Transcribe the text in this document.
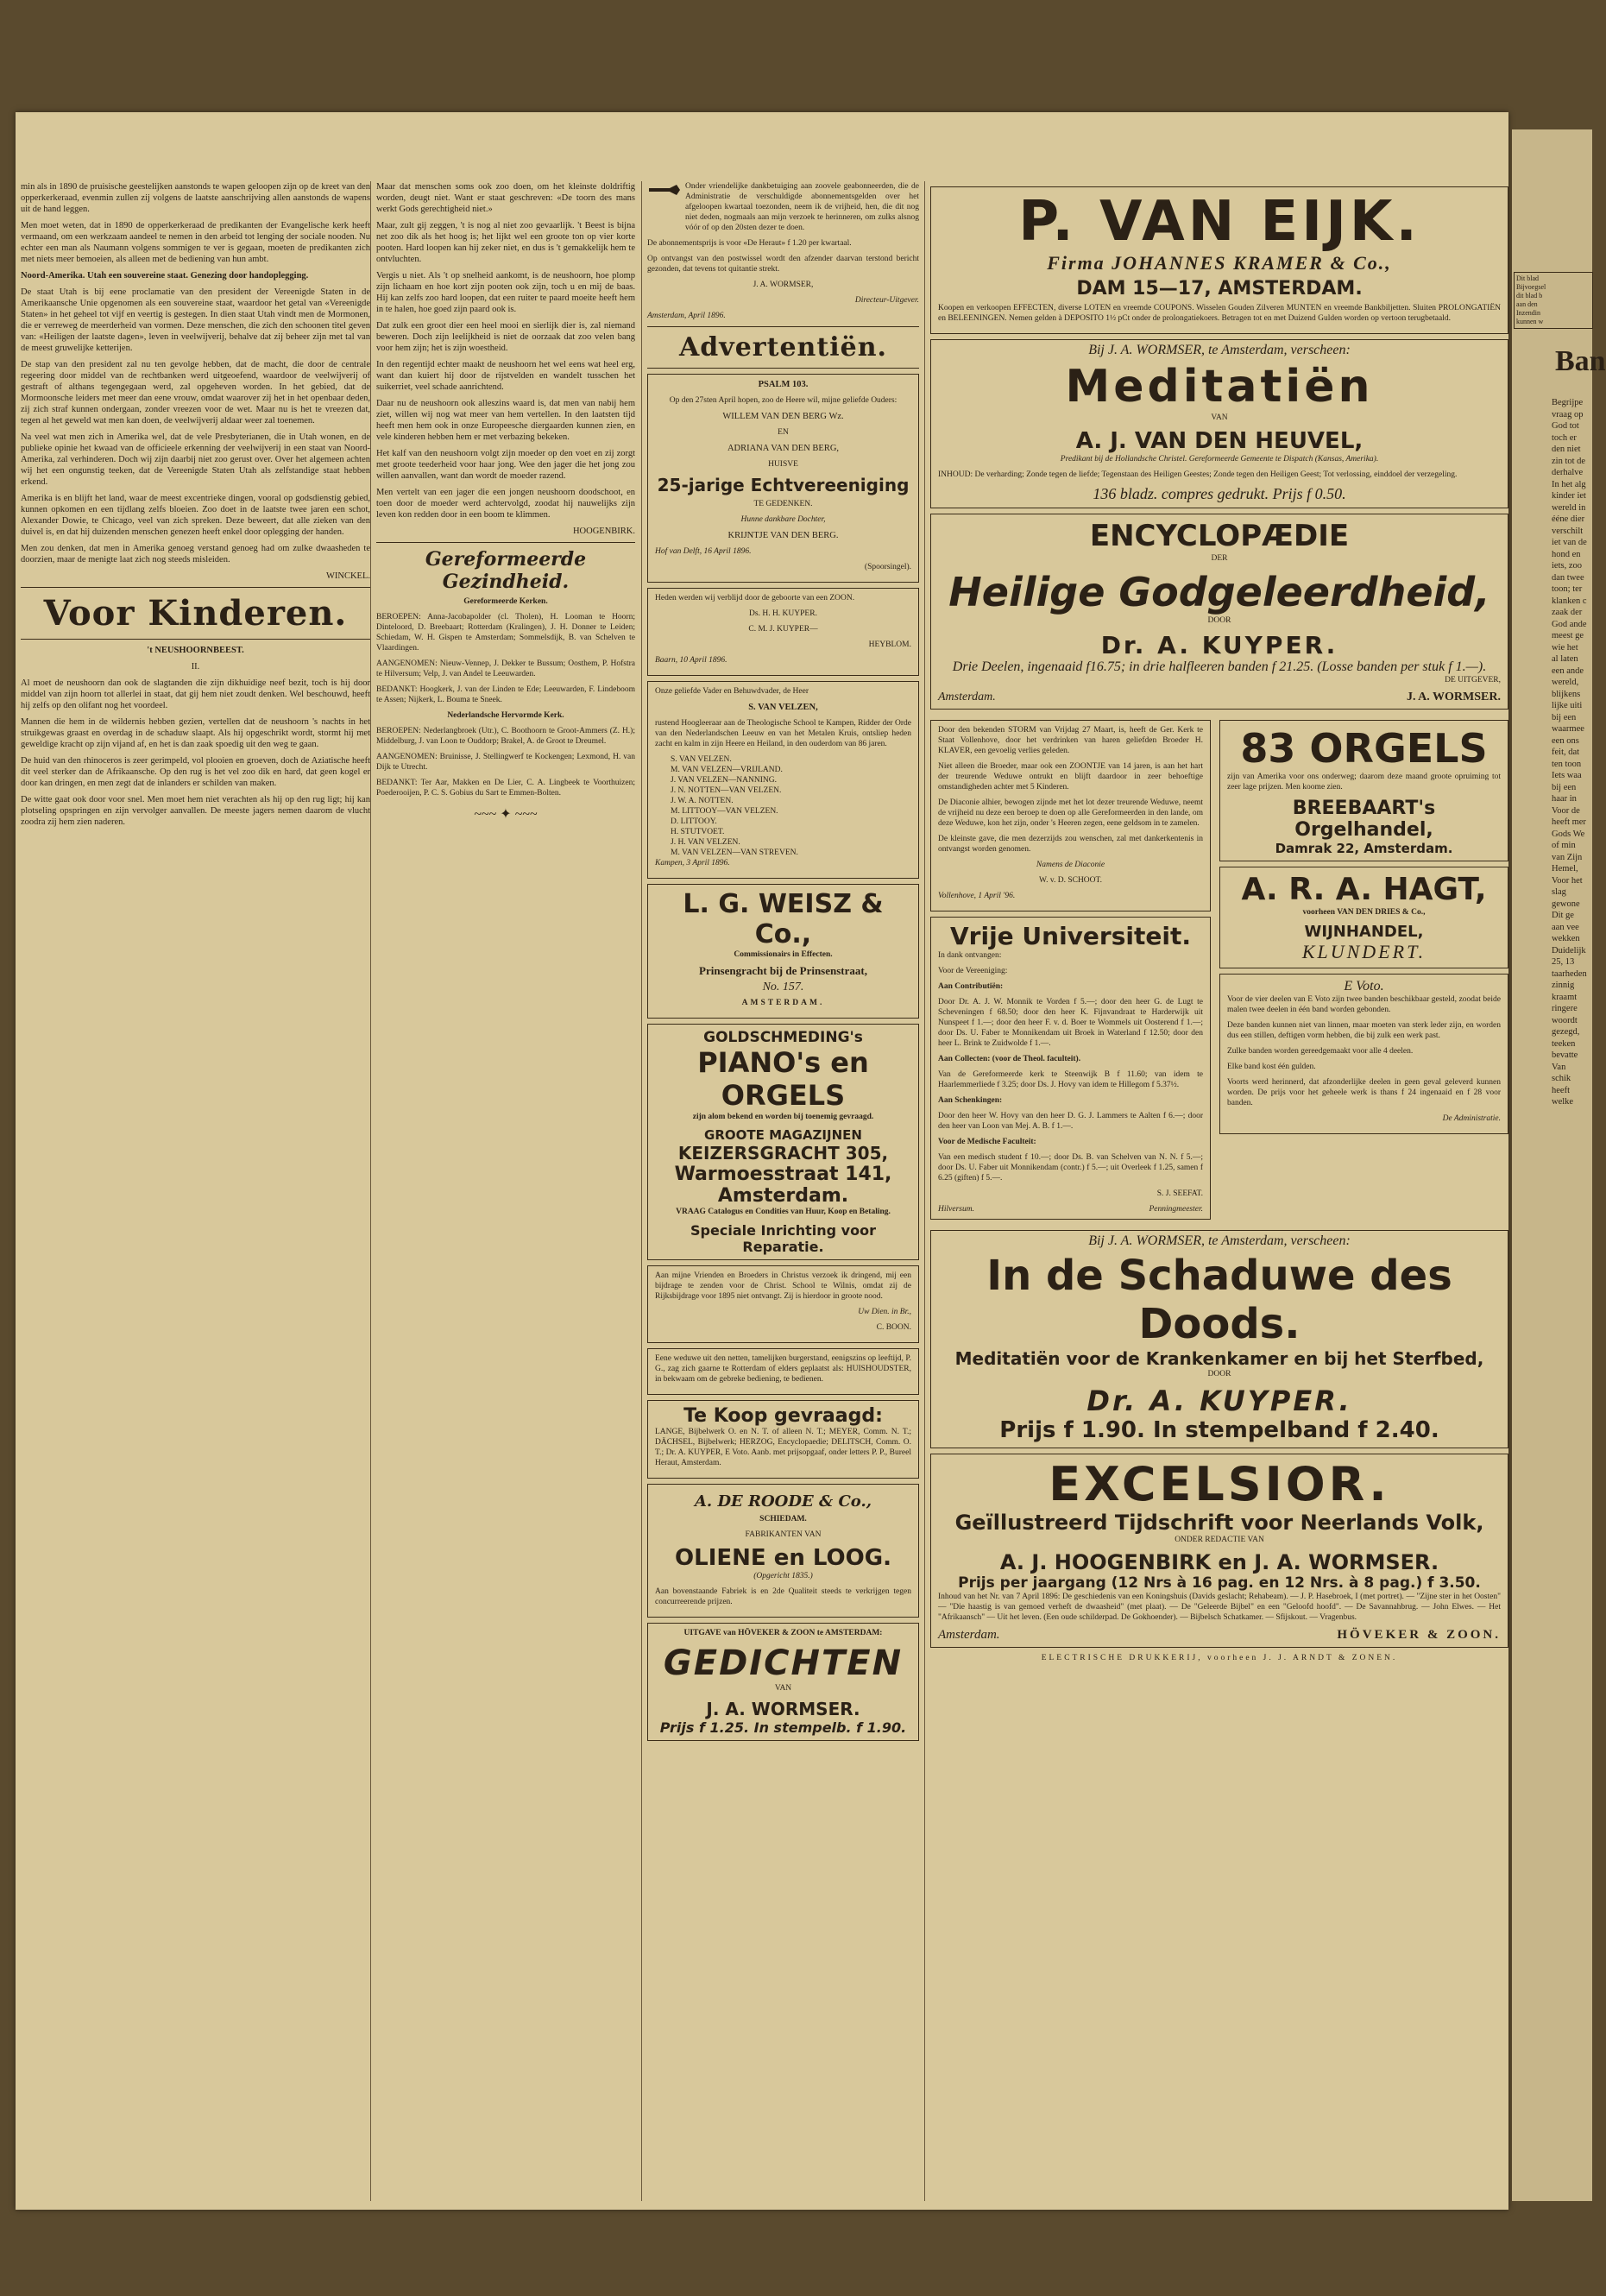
min als in 1890 de pruisische geestelijken aanstonds te wapen geloopen zijn op de kreet van den opperkerkeraad, evenmin zullen zij volgens de laatste aanschrijving allen aanstonds de wapens uit de hand leggen.

Men moet weten, dat in 1890 de opperkerkeraad de predikanten der Evangelische kerk heeft vermaand, om een werkzaam aandeel te nemen in den arbeid tot lenging der sociale nooden. Nu echter een man als Naumann volgens sommigen te ver is gegaan, moeten de predikanten zich met niets meer bemoeien, als alleen met de bediening van hun ambt.

Noord-Amerika. Utah een souvereine staat. Genezing door handoplegging.

De staat Utah is bij eene proclamatie van den president der Vereenigde Staten in de Amerikaansche Unie opgenomen als een souvereine staat, waardoor het getal van «Vereenigde Staten» in het geheel tot vijf en veertig is gestegen. In dien staat Utah vindt men de Mormonen, die er verreweg de meerderheid van vormen. Deze menschen, die zich den schoonen titel geven van: «Heiligen der laatste dagen», leven in veelwijverij, behalve dat zij beheer zijn met tal van de meest gruwelijke ketterijen.

De stap van den president zal nu ten gevolge hebben, dat de macht, die door de centrale regeering door middel van de rechtbanken werd uitgeoefend, waardoor de veelwijverij of gestraft of althans tegengegaan werd, zal opgeheven worden. In het gebied, dat de Mormoonsche leiders met meer dan eene vrouw, omdat waarover zij het in het openbaar deden, zij zich straf kunnen ondergaan, zonder vreezen voor de wet. Maar nu is het te vreezen dat, tegen al het geweld wat men kan doen, de veelwijverij aldaar weer zal toenemen.

Na veel wat men zich in Amerika wel, dat de vele Presbyterianen, die in Utah wonen, en de publieke opinie het kwaad van de officieele erkenning der veelwijverij in een staat van Noord-Amerika, zal verhinderen. Doch wij zijn daarbij niet zoo gerust over. Over het algemeen achten wij het een ongunstig teeken, dat de Vereenigde Staten Utah als zelfstandige staat hebben erkend.

Amerika is en blijft het land, waar de meest excentrieke dingen, vooral op godsdienstig gebied, kunnen opkomen en een tijdlang zelfs bloeien. Zoo doet in de laatste twee jaren een schot, Alexander Dowie, te Chicago, veel van zich spreken. Deze beweert, dat alle zieken van den duivel is, en dat hij duizenden menschen genezen heeft enkel door oplegging der handen.

Men zou denken, dat men in Amerika genoeg verstand genoeg had om zulke dwaasheden te doorzien, maar de menigte laat zich nog steeds misleiden.

WINCKEL.

Voor Kinderen.

't NEUSHOORNBEEST.

II.

Al moet de neushoorn dan ook de slagtanden die zijn dikhuidige neef bezit, toch is hij door middel van zijn hoorn tot allerlei in staat, dat gij hem niet zoudt denken. Wel beschouwd, heeft hij zelfs op den olifant nog het voordeel.

Mannen die hem in de wildernis hebben gezien, vertellen dat de neushoorn 's nachts in het struikgewas graast en overdag in de schaduw slaapt. Als hij opgeschrikt wordt, stormt hij met geweldige kracht op zijn vijand af, en het is dan zaak spoedig uit den weg te gaan.

De huid van den rhinoceros is zeer gerimpeld, vol plooien en groeven, doch de Aziatische heeft dit veel sterker dan de Afrikaansche. Op den rug is het vel zoo dik en hard, dat geen kogel er door kan dringen, en men zegt dat de inlanders er schilden van maken.

De witte gaat ook door voor snel. Men moet hem niet verachten als hij op den rug ligt; hij kan plotseling opspringen en zijn vervolger aanvallen. De meeste jagers nemen daarom de vlucht zoodra zij hem zien naderen.

Maar dat menschen soms ook zoo doen, om het kleinste doldriftig worden, deugt niet. Want er staat geschreven: «De toorn des mans werkt Gods gerechtigheid niet.»

Maar, zult gij zeggen, 't is nog al niet zoo gevaarlijk. 't Beest is bijna net zoo dik als het hoog is; het lijkt wel een groote ton op vier korte pooten. Hard loopen kan hij zeker niet, en dus is 't gemakkelijk hem te ontvluchten.

Vergis u niet. Als 't op snelheid aankomt, is de neushoorn, hoe plomp zijn lichaam en hoe kort zijn pooten ook zijn, toch u en mij de baas. Hij kan zelfs zoo hard loopen, dat een ruiter te paard moeite heeft hem in te halen, hoe goed zijn paard ook is.

Dat zulk een groot dier een heel mooi en sierlijk dier is, zal niemand beweren. Doch zijn leelijkheid is niet de oorzaak dat zoo velen bang voor hem zijn; het is zijn woestheid.

In den regentijd echter maakt de neushoorn het wel eens wat heel erg, want dan kuiert hij door de rijstvelden en wandelt tusschen het suikerriet, veel schade aanrichtend.

Daar nu de neushoorn ook alleszins waard is, dat men van nabij hem ziet, willen wij nog wat meer van hem vertellen. In den laatsten tijd heeft men hem ook in onze Europeesche diergaarden kunnen zien, en vele kinderen hebben hem er met verbazing bekeken.

Het kalf van den neushoorn volgt zijn moeder op den voet en zij zorgt met groote teederheid voor haar jong. Wee den jager die het jong zou willen aanvallen, want dan wordt de moeder razend.

Men vertelt van een jager die een jongen neushoorn doodschoot, en toen door de moeder werd achtervolgd, zoodat hij nauwelijks zijn leven kon redden door in een boom te klimmen.

HOOGENBIRK.

Gereformeerde Gezindheid.

Gereformeerde Kerken.

BEROEPEN: Anna-Jacobapolder (cl. Tholen), H. Looman te Hoorn; Dinteloord, D. Breebaart; Rotterdam (Kralingen), J. H. Donner te Leiden; Schiedam, W. H. Gispen te Amsterdam; Sommelsdijk, B. van Schelven te Vlaardingen.

AANGENOMEN: Nieuw-Vennep, J. Dekker te Bussum; Oosthem, P. Hofstra te Hilversum; Velp, J. van Andel te Leeuwarden.

BEDANKT: Hoogkerk, J. van der Linden te Ede; Leeuwarden, F. Lindeboom te Assen; Nijkerk, L. Bouma te Sneek.

Nederlandsche Hervormde Kerk.

BEROEPEN: Nederlangbroek (Utr.), C. Boothoorn te Groot-Ammers (Z. H.); Middelburg, J. van Loon te Ouddorp; Brakel, A. de Groot te Dreumel.

AANGENOMEN: Bruinisse, J. Stellingwerf te Kockengen; Lexmond, H. van Dijk te Utrecht.

BEDANKT: Ter Aar, Makken en De Lier, C. A. Lingbeek te Voorthuizen; Poederooijen, P. C. S. Gobius du Sart te Emmen-Bolten.

~~~ ✦ ~~~

Onder vriendelijke dankbetuiging aan zoovele geabonneerden, die de Administratie de verschuldigde abonnementsgelden over het afgeloopen kwartaal toezonden, neem ik de vrijheid, hen, die dit nog niet deden, nogmaals aan mijn verzoek te herinneren, om zulks alsnog vóór of op den 20sten dezer te doen.

De abonnementsprijs is voor «De Heraut» f 1.20 per kwartaal.

Op ontvangst van den postwissel wordt den afzender daarvan terstond bericht gezonden, dat tevens tot quitantie strekt.

J. A. WORMSER,

Directeur-Uitgever.

Amsterdam, April 1896.

Advertentiën.
PSALM 103.
Op den 27sten April hopen, zoo de Heere wil, mijne geliefde Ouders:
WILLEM VAN DEN BERG Wz.
EN
ADRIANA VAN DEN BERG,
HUISVE
25-jarige Echtvereeniging
TE GEDENKEN.
Hunne dankbare Dochter,
KRIJNTJE VAN DEN BERG.
Hof van Delft, 16 April 1896.
(Spoorsingel).

Heden werden wij verblijd door de geboorte van een ZOON.

Ds. H. H. KUYPER.

C. M. J. KUYPER—

HEYBLOM.

Baarn, 10 April 1896.

Onze geliefde Vader en Behuwdvader, de Heer

S. VAN VELZEN,

rustend Hoogleeraar aan de Theologische School te Kampen, Ridder der Orde van den Nederlandschen Leeuw en van het Metalen Kruis, ontsliep heden zacht en kalm in zijn Heere en Heiland, in den ouderdom van 86 jaren.

S. VAN VELZEN.
M. VAN VELZEN—VRIJLAND.
J. VAN VELZEN—NANNING.
J. N. NOTTEN—VAN VELZEN.
J. W. A. NOTTEN.
M. LITTOOY—VAN VELZEN.
D. LITTOOY.
H. STUTVOET.
J. H. VAN VELZEN.
M. VAN VELZEN—VAN STREVEN.

Kampen, 3 April 1896.

L. G. WEISZ & Co.,
Commissionairs in Effecten.
Prinsengracht bij de Prinsenstraat,
No. 157.
AMSTERDAM.
GOLDSCHMEDING's
PIANO's en ORGELS
zijn alom bekend en worden bij toenemig gevraagd.
GROOTE MAGAZIJNEN
KEIZERSGRACHT 305,
Warmoesstraat 141, Amsterdam.
VRAAG Catalogus en Condities van Huur, Koop en Betaling.
Speciale Inrichting voor Reparatie.

Aan mijne Vrienden en Broeders in Christus verzoek ik dringend, mij een bijdrage te zenden voor de Christ. School te Wilnis, omdat zij de Rijksbijdrage voor 1895 niet ontvangt. Zij is hierdoor in groote nood.

Uw Dien. in Br.,

C. BOON.

Eene weduwe uit den netten, tamelijken burgerstand, eenigszins op leeftijd, P. G., zag zich gaarne te Rotterdam of elders geplaatst als: HUISHOUDSTER, in bekwaam om de gebreke bediening, te bedienen.

Te Koop gevraagd:

LANGE, Bijbelwerk O. en N. T. of alleen N. T.; MEYER, Comm. N. T.; DÄCHSEL, Bijbelwerk; HERZOG, Encyclopaedie; DELITSCH, Comm. O. T.; Dr. A. KUYPER, E Voto. Aanb. met prijsopgaaf, onder letters P. P., Bureel Heraut, Amsterdam.

A. DE ROODE & Co.,
SCHIEDAM.
FABRIKANTEN VAN
OLIENE en LOOG.
(Opgericht 1835.)
Aan bovenstaande Fabriek is en 2de Qualiteit steeds te verkrijgen tegen concurreerende prijzen.
UITGAVE van HÖVEKER & ZOON te AMSTERDAM:
GEDICHTEN
VAN
J. A. WORMSER.
Prijs f 1.25. In stempelb. f 1.90.
P. VAN EIJK.
Firma JOHANNES KRAMER & Co.,
DAM 15—17, AMSTERDAM.

Koopen en verkoopen EFFECTEN, diverse LOTEN en vreemde COUPONS. Wisselen Gouden Zilveren MUNTEN en vreemde Bankbiljetten. Sluiten PROLONGATIËN en BELEENINGEN. Nemen gelden à DEPOSITO 1½ pCt onder de prolongatiekoers. Betragen tot en met Duizend Gulden worden op vertoon terugbetaald.

Bij J. A. WORMSER, te Amsterdam, verscheen:
Meditatiën
VAN
A. J. VAN DEN HEUVEL,
Predikant bij de Hollandsche Christel. Gereformeerde Gemeente te Dispatch (Kansas, Amerika).

INHOUD: De verharding; Zonde tegen de liefde; Tegenstaan des Heiligen Geestes; Zonde tegen den Heiligen Geest; Tot verlossing, einddoel der verzegeling.

136 bladz. compres gedrukt. Prijs f 0.50.
ENCYCLOPÆDIE
DER
Heilige Godgeleerdheid,
DOOR
Dr. A. KUYPER.
Drie Deelen, ingenaaid f16.75; in drie halfleeren banden f 21.25. (Losse banden per stuk f 1.—).
DE UITGEVER,
Amsterdam.	J. A. WORMSER.

Door den bekenden STORM van Vrijdag 27 Maart, is, heeft de Ger. Kerk te Staat Vollenhove, door het verdrinken van haren geliefden Broeder H. KLAVER, een gevoelig verlies geleden.

Niet alleen die Broeder, maar ook een ZOONTJE van 14 jaren, is aan het hart der treurende Weduwe ontrukt en blijft daardoor in zeer behoeftige omstandigheden achter met 5 Kinderen.

De Diaconie alhier, bewogen zijnde met het lot dezer treurende Weduwe, neemt de vrijheid nu deze een beroep te doen op alle Gereformeerden in den lande, om deze Weduwe, kon het zijn, onder 's Heeren zegen, eene geldsom in te zamelen.

De kleinste gave, die men dezerzijds zou wenschen, zal met dankerkentenis in ontvangst worden genomen.

Namens de Diaconie

W. v. D. SCHOOT.

Vollenhove, 1 April '96.

Vrije Universiteit.

In dank ontvangen:

Voor de Vereeniging:

Aan Contributiën:

Door Dr. A. J. W. Monnik te Vorden f 5.—; door den heer G. de Lugt te Scheveningen f 68.50; door den heer K. Fijnvandraat te Harderwijk uit Nunspeet f 1.—; door den heer F. v. d. Boer te Wommels uit Oosterend f 1.—; door Ds. U. Faber te Monnikendam uit Broek in Waterland f 12.50; door den heer L. Brink te Zuidwolde f 1.—.

Aan Collecten: (voor de Theol. faculteit).

Van de Gereformeerde kerk te Steenwijk B f 11.60; van idem te Haarlemmerliede f 3.25; door Ds. J. Hovy van idem te Hillegom f 5.37½.

Aan Schenkingen:

Door den heer W. Hovy van den heer D. G. J. Lammers te Aalten f 6.—; door den heer van Loon van Mej. A. B. f 1.—.

Voor de Medische Faculteit:

Van een medisch student f 10.—; door Ds. B. van Schelven van N. N. f 5.—; door Ds. U. Faber uit Monnikendam (contr.) f 5.—; uit Overleek f 1.25, samen f 6.25 (giften) f 5.—.

S. J. SEEFAT.

Hilversum.	Penningmeester.
83 ORGELS

zijn van Amerika voor ons onderweg; daarom deze maand groote opruiming tot zeer lage prijzen. Men koome zien.

BREEBAART's Orgelhandel,
Damrak 22, Amsterdam.
A. R. A. HAGT,
voorheen VAN DEN DRIES & Co.,
WIJNHANDEL,
KLUNDERT.
E Voto.

Voor de vier deelen van E Voto zijn twee banden beschikbaar gesteld, zoodat beide malen twee deelen in één band worden gebonden.

Deze banden kunnen niet van linnen, maar moeten van sterk leder zijn, en worden dus een stillen, deftigen vorm hebben, die bij zulk een werk past.

Zulke banden worden gereedgemaakt voor alle 4 deelen.

Elke band kost één gulden.

Voorts werd herinnerd, dat afzonderlijke deelen in geen geval geleverd kunnen worden. De prijs voor het geheele werk is thans f 24 ingenaaid en f 28 voor banden.

De Administratie.

Bij J. A. WORMSER, te Amsterdam, verscheen:
In de Schaduwe des Doods.
Meditatiën voor de Krankenkamer en bij het Sterfbed,
DOOR
Dr. A. KUYPER.
Prijs f 1.90. In stempelband f 2.40.
EXCELSIOR.
Geïllustreerd Tijdschrift voor Neerlands Volk,
ONDER REDACTIE VAN
A. J. HOOGENBIRK en J. A. WORMSER.
Prijs per jaargang (12 Nrs à 16 pag. en 12 Nrs. à 8 pag.) f 3.50.

Inhoud van het Nr. van 7 April 1896: De geschiedenis van een Koningshuis (Davids geslacht; Rehabeam). — J. P. Hasebroek, I (met portret). — "Zijne ster in het Oosten" — "Die haastig is van gemoed verheft de dwaasheid" (met plaat). — De "Geleerde Bijbel" en een "Geloofd hoofd". — De Savannahbrug. — John Elwes. — Het "Afrikaansch" — Uit het leven. (Een oude schilderpad. De Gokhoender). — Bijbelsch Schatkamer. — Sfijskout. — Vragenbus.

Amsterdam.	HÖVEKER & ZOON.

ELECTRISCHE DRUKKERIJ, voorheen J. J. ARNDT & ZONEN.

Dit blad
Bijvoegsel
dit blad b
aan den
Inzendin
kunnen w
Ban
Begrijpe
vraag op
God tot
toch er
den niet
zin tot de
derhalve
In het alg
kinder iet
wereld in
ééne dier
verschilt
iet van de
hond en
iets, zoo
dan twee
toon; ter
klanken c
zaak der
God ande
meest ge
wie het
al laten
een ande
wereld,
blijkens
lijke uiti
bij een
waarmee
een ons
feit, dat
ten toon
Iets waa
bij een
haar in
Voor de
heeft mer
Gods We
of min
van Zijn
Hemel,
Voor het
slag
gewone
Dit ge
aan vee
wekken
Duidelijk
25, 13
taarheden
zinnig
kraamt
ringere
woordt
gezegd,
teeken
bevatte
Van
schik
heeft
welke
